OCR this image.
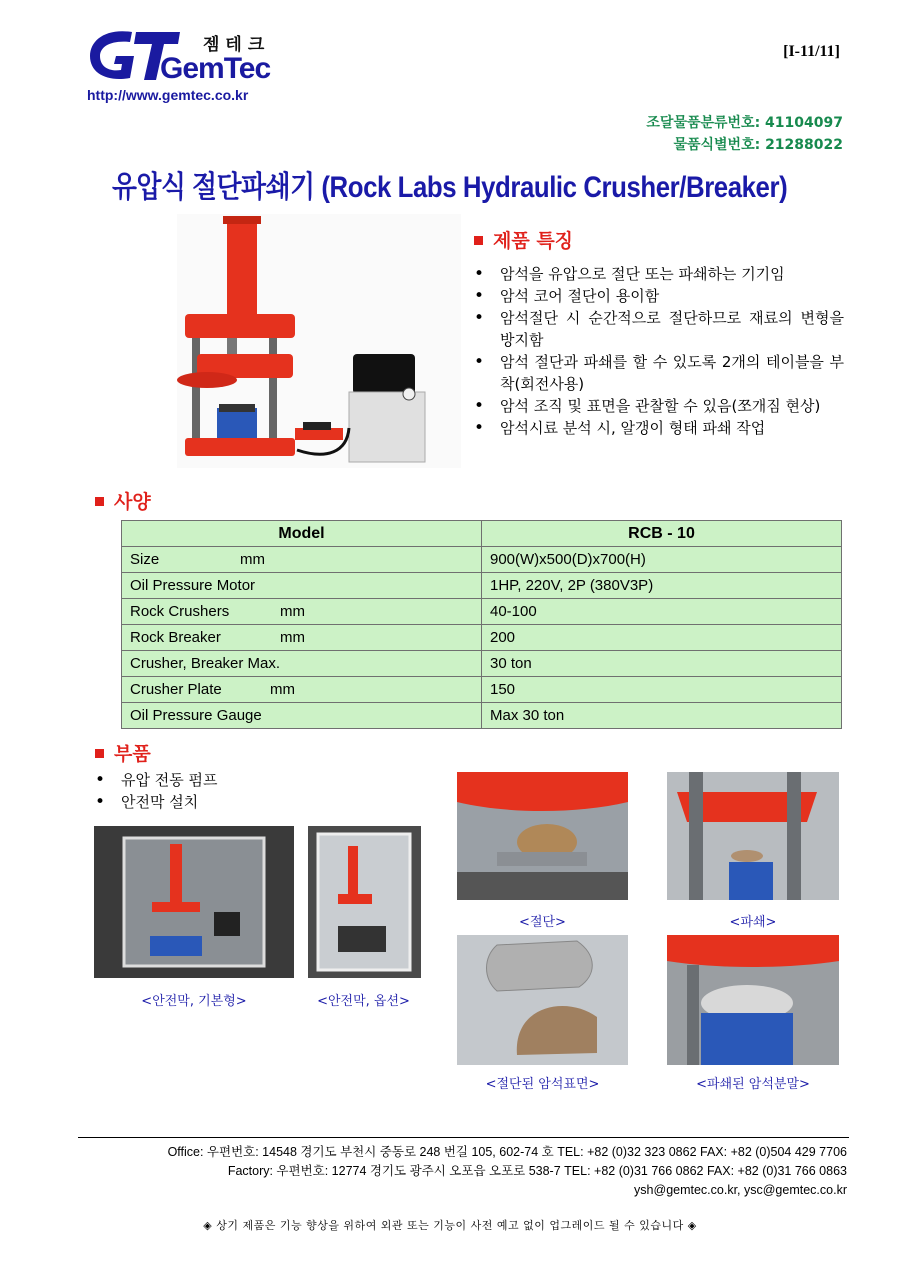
젬테크
GemTec
http://www.gemtec.co.kr
[I-11/11]
조달물품분류번호: 41104097
물품식별번호: 21288022
유압식 절단파쇄기 (Rock Labs Hydraulic Crusher/Breaker)
제품 특징
• 암석을 유압으로 절단 또는 파쇄하는 기기임
• 암석 코어 절단이 용이함
• 암석절단 시 순간적으로 절단하므로 재료의 변형을 방지함
• 암석 절단과 파쇄를 할 수 있도록 2개의 테이블을 부착(회전사용)
• 암석 조직 및 표면을 관찰할 수 있음(쪼개짐 현상)
• 암석시료 분석 시, 알갱이 형태 파쇄 작업
사양
Model	RCB - 10
Size mm	900(W)x500(D)x700(H)
Oil Pressure Motor	1HP, 220V, 2P (380V3P)
Rock Crushers mm	40-100
Rock Breaker mm	200
Crusher, Breaker Max.	30 ton
Crusher Plate mm	150
Oil Pressure Gauge	Max 30 ton
부품
• 유압 전동 펌프
• 안전막 설치
<안전막, 기본형>	<안전막, 옵션>
<절단>	<파쇄>
<절단된 암석표면>	<파쇄된 암석분말>
Office: 우편번호: 14548 경기도 부천시 중동로 248 번길 105, 602-74 호 TEL: +82 (0)32 323 0862 FAX: +82 (0)504 429 7706
Factory: 우편번호: 12774 경기도 광주시 오포읍 오포로 538-7 TEL: +82 (0)31 766 0862 FAX: +82 (0)31 766 0863
ysh@gemtec.co.kr, ysc@gemtec.co.kr
◈ 상기 제품은 기능 향상을 위하여 외관 또는 기능이 사전 예고 없이 업그레이드 될 수 있습니다 ◈
